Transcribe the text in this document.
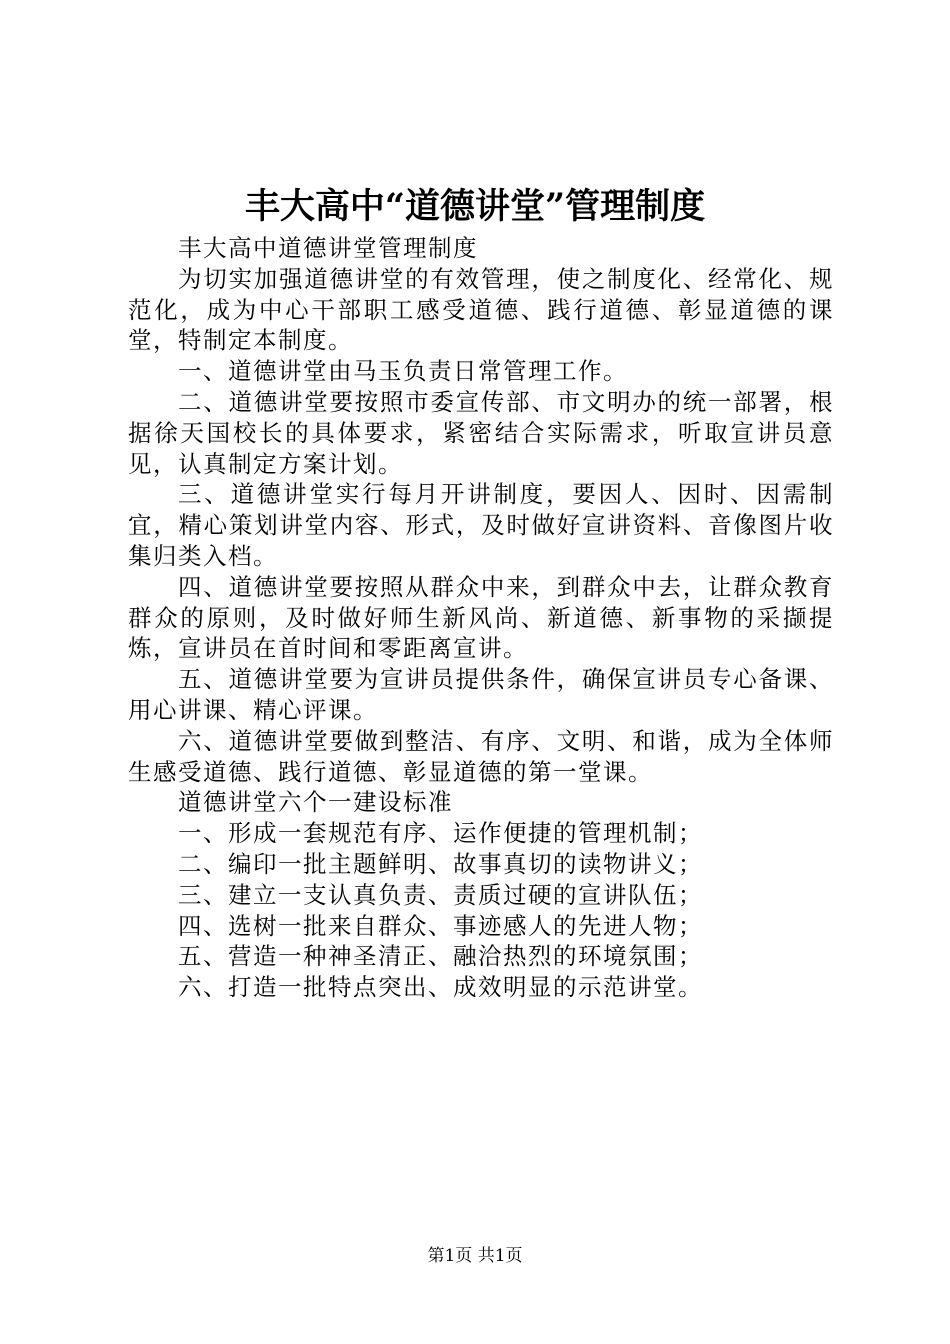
丰大高中“道德讲堂”管理制度

丰大高中道德讲堂管理制度

为切实加强道德讲堂的有效管理，使之制度化、经常化、规范化，成为中心干部职工感受道德、践行道德、彰显道德的课堂，特制定本制度。

一、道德讲堂由马玉负责日常管理工作。

二、道德讲堂要按照市委宣传部、市文明办的统一部署，根据徐天国校长的具体要求，紧密结合实际需求，听取宣讲员意见，认真制定方案计划。

三、道德讲堂实行每月开讲制度，要因人、因时、因需制宜，精心策划讲堂内容、形式，及时做好宣讲资料、音像图片收集归类入档。

四、道德讲堂要按照从群众中来，到群众中去，让群众教育群众的原则，及时做好师生新风尚、新道德、新事物的采撷提炼，宣讲员在首时间和零距离宣讲。

五、道德讲堂要为宣讲员提供条件，确保宣讲员专心备课、用心讲课、精心评课。

六、道德讲堂要做到整洁、有序、文明、和谐，成为全体师生感受道德、践行道德、彰显道德的第一堂课。

道德讲堂六个一建设标准

一、形成一套规范有序、运作便捷的管理机制；

二、编印一批主题鲜明、故事真切的读物讲义；

三、建立一支认真负责、责质过硬的宣讲队伍；

四、选树一批来自群众、事迹感人的先进人物；

五、营造一种神圣清正、融洽热烈的环境氛围；

六、打造一批特点突出、成效明显的示范讲堂。

第1页 共1页
